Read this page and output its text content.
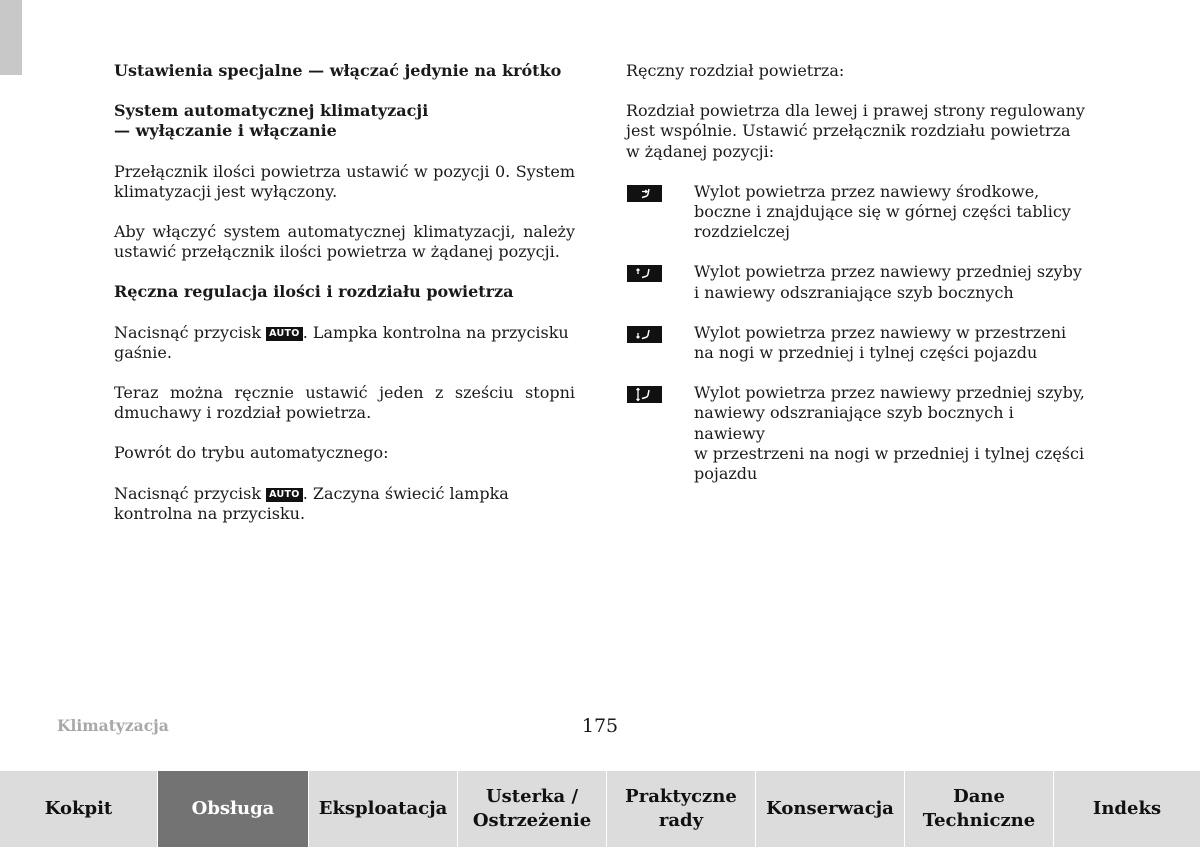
Ustawienia specjalne — włączać jedynie na krótko

System automatycznej klimatyzacji
— wyłączanie i włączanie

Przełącznik ilości powietrza ustawić w pozycji 0. System klimatyzacji jest wyłączony.

Aby włączyć system automatycznej klimatyzacji, należy ustawić przełącznik ilości powietrza w żądanej pozycji.

Ręczna regulacja ilości i rozdziału powietrza

Nacisnąć przycisk AUTO . Lampka kontrolna na przycisku gaśnie.

Teraz można ręcznie ustawić jeden z sześciu stopni dmuchawy i rozdział powietrza.

Powrót do trybu automatycznego:

Nacisnąć przycisk AUTO . Zaczyna świecić lampka kontrolna na przycisku.

Ręczny rozdział powietrza:

Rozdział powietrza dla lewej i prawej strony regulowany jest wspólnie. Ustawić przełącznik rozdziału powietrza w żądanej pozycji:

Wylot powietrza przez nawiewy środkowe,
boczne i znajdujące się w górnej części tablicy
rozdzielczej
Wylot powietrza przez nawiewy przedniej szyby
i nawiewy odszraniające szyb bocznych
Wylot powietrza przez nawiewy w przestrzeni
na nogi w przedniej i tylnej części pojazdu
Wylot powietrza przez nawiewy przedniej szyby,
nawiewy odszraniające szyb bocznych i nawiewy
w przestrzeni na nogi w przedniej i tylnej części
pojazdu
Klimatyzacja	175
Kokpit	Obsługa Eksploatacja
Usterka /
Ostrzeżenie
Praktyczne
rady
Konserwacja
Dane
Techniczne
Indeks
